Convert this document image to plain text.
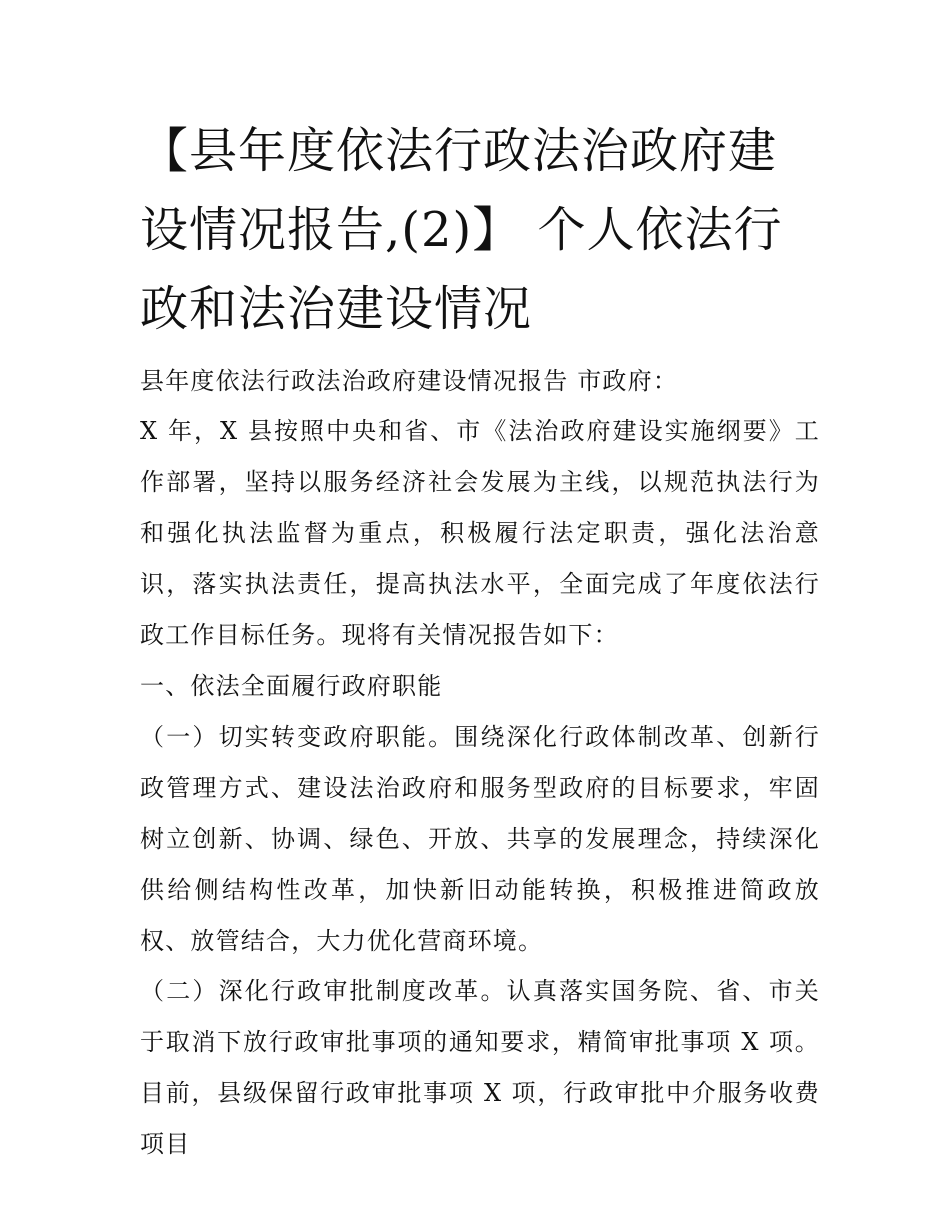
【县年度依法行政法治政府建设情况报告,(2)】 个人依法行政和法治建设情况

县年度依法行政法治政府建设情况报告 市政府：

X 年，X 县按照中央和省、市《法治政府建设实施纲要》工作部署，坚持以服务经济社会发展为主线，以规范执法行为和强化执法监督为重点，积极履行法定职责，强化法治意识，落实执法责任，提高执法水平，全面完成了年度依法行政工作目标任务。现将有关情况报告如下：

一、依法全面履行政府职能

（一）切实转变政府职能。围绕深化行政体制改革、创新行政管理方式、建设法治政府和服务型政府的目标要求，牢固树立创新、协调、绿色、开放、共享的发展理念，持续深化供给侧结构性改革，加快新旧动能转换，积极推进简政放权、放管结合，大力优化营商环境。

（二）深化行政审批制度改革。认真落实国务院、省、市关于取消下放行政审批事项的通知要求，精简审批事项 X 项。目前，县级保留行政审批事项 X 项，行政审批中介服务收费项目
